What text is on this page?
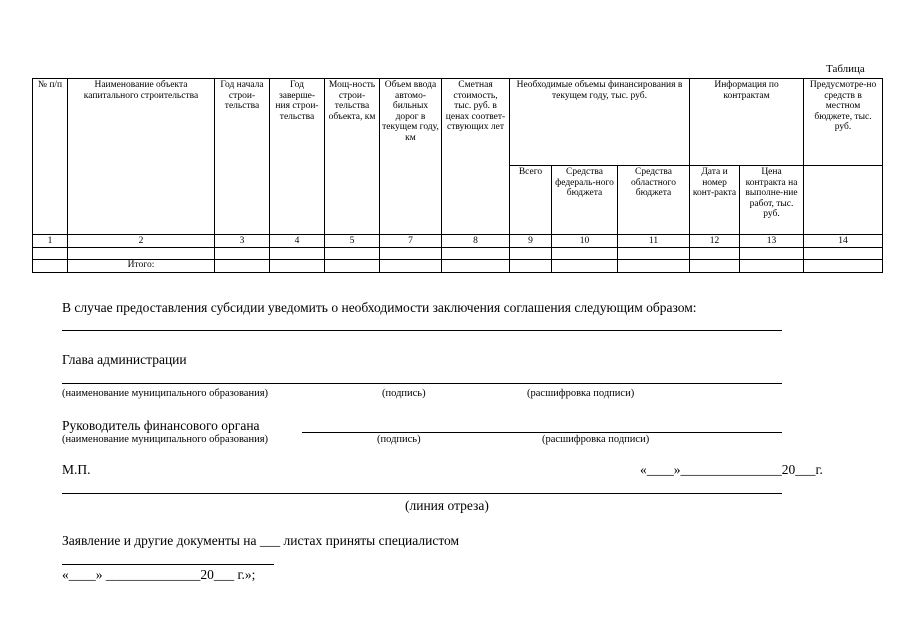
Таблица
№ п/п	Наименование объекта капитального строительства	Год начала строи-тельства	Год заверше-ния строи-тельства	Мощ-ность строи-тельства объекта, км	Объем ввода автомо-бильных дорог в текущем году, км	Сметная стоимость, тыс. руб. в ценах соответ-ствующих лет	Необходимые объемы финансирования в текущем году, тыс. руб.			Информация по контрактам		Предусмотре-но средств в местном бюджете, тыс. руб.
							Всего	Средства федераль-ного бюджета	Средства областного бюджета	Дата и номер конт-ракта	Цена контракта на выполне-ние работ, тыс. руб.	
1	2	3	4	5	7	8	9	10	11	12	13	14

	Итого:											
В случае предоставления субсидии уведомить о необходимости заключения соглашения следующим образом:
Глава администрации
(наименование муниципального образования)	(подпись)	(расшифровка подписи)
Руководитель финансового органа
(наименование муниципального образования)	(подпись)	(расшифровка подписи)
М.П.	«____»_______________20___г.
(линия отреза)
Заявление и другие документы на ___ листах приняты специалистом
«____» ______________20___ г.»;
